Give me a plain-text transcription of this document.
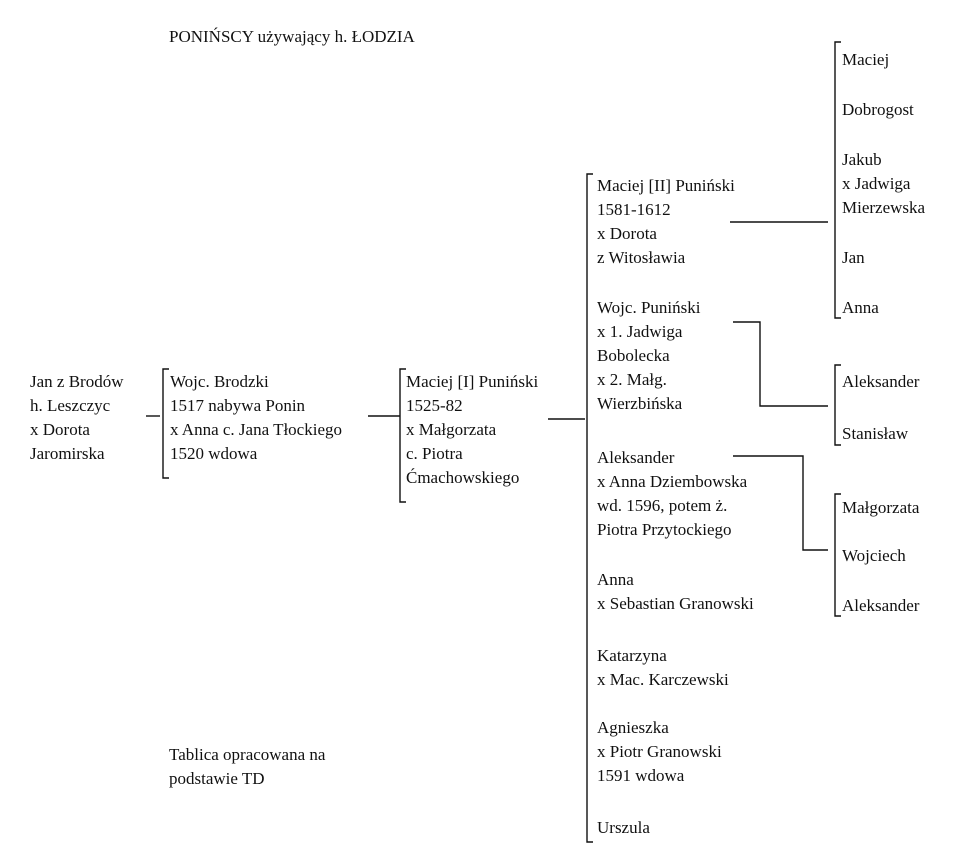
PONIŃSCY używający h. ŁODZIA
Jan z Brodów
h. Leszczyc
x Dorota
Jaromirska
Wojc. Brodzki
1517 nabywa Ponin
x Anna c. Jana Tłockiego
1520 wdowa
Maciej [I] Puniński
1525-82
x Małgorzata
c. Piotra
Ćmachowskiego
Maciej [II] Puniński
1581-1612
x Dorota
z Witosławia
Wojc. Puniński
x 1. Jadwiga
Bobolecka
x 2. Małg.
Wierzbińska
Aleksander
x Anna Dziembowska
wd. 1596, potem ż.
Piotra Przytockiego
Anna
x Sebastian Granowski
Katarzyna
x Mac. Karczewski
Agnieszka
x Piotr Granowski
1591 wdowa
Urszula
Maciej
Dobrogost
Jakub
x Jadwiga
Mierzewska
Jan
Anna
Aleksander
Stanisław
Małgorzata
Wojciech
Aleksander
Tablica opracowana na
podstawie TD
